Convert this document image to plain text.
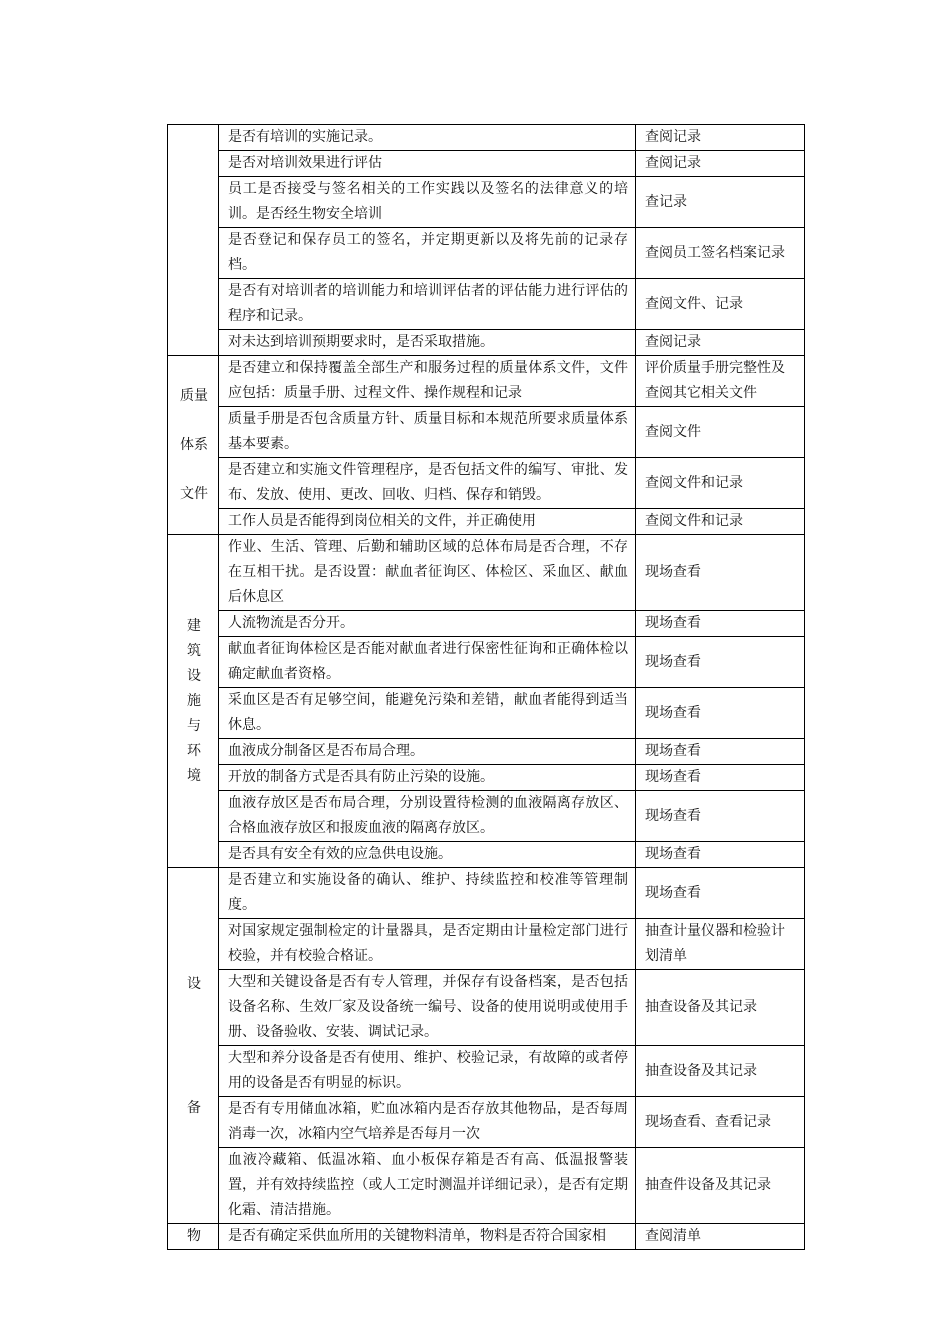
	是否有培训的实施记录。	查阅记录
	是否对培训效果进行评估	查阅记录
	员工是否接受与签名相关的工作实践以及签名的法律意义的培训。是否经生物安全培训	查记录
	是否登记和保存员工的签名，并定期更新以及将先前的记录存档。	查阅员工签名档案记录
	是否有对培训者的培训能力和培训评估者的评估能力进行评估的程序和记录。	查阅文件、记录
	对未达到培训预期要求时，是否采取措施。	查阅记录
质量体系文件	是否建立和保持覆盖全部生产和服务过程的质量体系文件，文件应包括：质量手册、过程文件、操作规程和记录	评价质量手册完整性及查阅其它相关文件
	质量手册是否包含质量方针、质量目标和本规范所要求质量体系基本要素。	查阅文件
	是否建立和实施文件管理程序，是否包括文件的编写、审批、发布、发放、使用、更改、回收、归档、保存和销毁。	查阅文件和记录
	工作人员是否能得到岗位相关的文件，并正确使用	查阅文件和记录
建筑设施与环境	作业、生活、管理、后勤和辅助区域的总体布局是否合理，不存在互相干扰。是否设置：献血者征询区、体检区、采血区、献血后休息区	现场查看
	人流物流是否分开。	现场查看
	献血者征询体检区是否能对献血者进行保密性征询和正确体检以确定献血者资格。	现场查看
	采血区是否有足够空间，能避免污染和差错，献血者能得到适当休息。	现场查看
	血液成分制备区是否布局合理。	现场查看
	开放的制备方式是否具有防止污染的设施。	现场查看
	血液存放区是否布局合理，分别设置待检测的血液隔离存放区、合格血液存放区和报废血液的隔离存放区。	现场查看
	是否具有安全有效的应急供电设施。	现场查看
设备	是否建立和实施设备的确认、维护、持续监控和校准等管理制度。	现场查看
	对国家规定强制检定的计量器具，是否定期由计量检定部门进行校验，并有校验合格证。	抽查计量仪器和检验计划清单
	大型和关键设备是否有专人管理，并保存有设备档案，是否包括设备名称、生效厂家及设备统一编号、设备的使用说明或使用手册、设备验收、安装、调试记录。	抽查设备及其记录
	大型和养分设备是否有使用、维护、校验记录，有故障的或者停用的设备是否有明显的标识。	抽查设备及其记录
	是否有专用储血冰箱，贮血冰箱内是否存放其他物品，是否每周消毒一次，冰箱内空气培养是否每月一次	现场查看、查看记录
	血液冷藏箱、低温冰箱、血小板保存箱是否有高、低温报警装置，并有效持续监控（或人工定时测温并详细记录），是否有定期化霜、清洁措施。	抽查件设备及其记录
物	是否有确定采供血所用的关键物料清单，物料是否符合国家相	查阅清单
